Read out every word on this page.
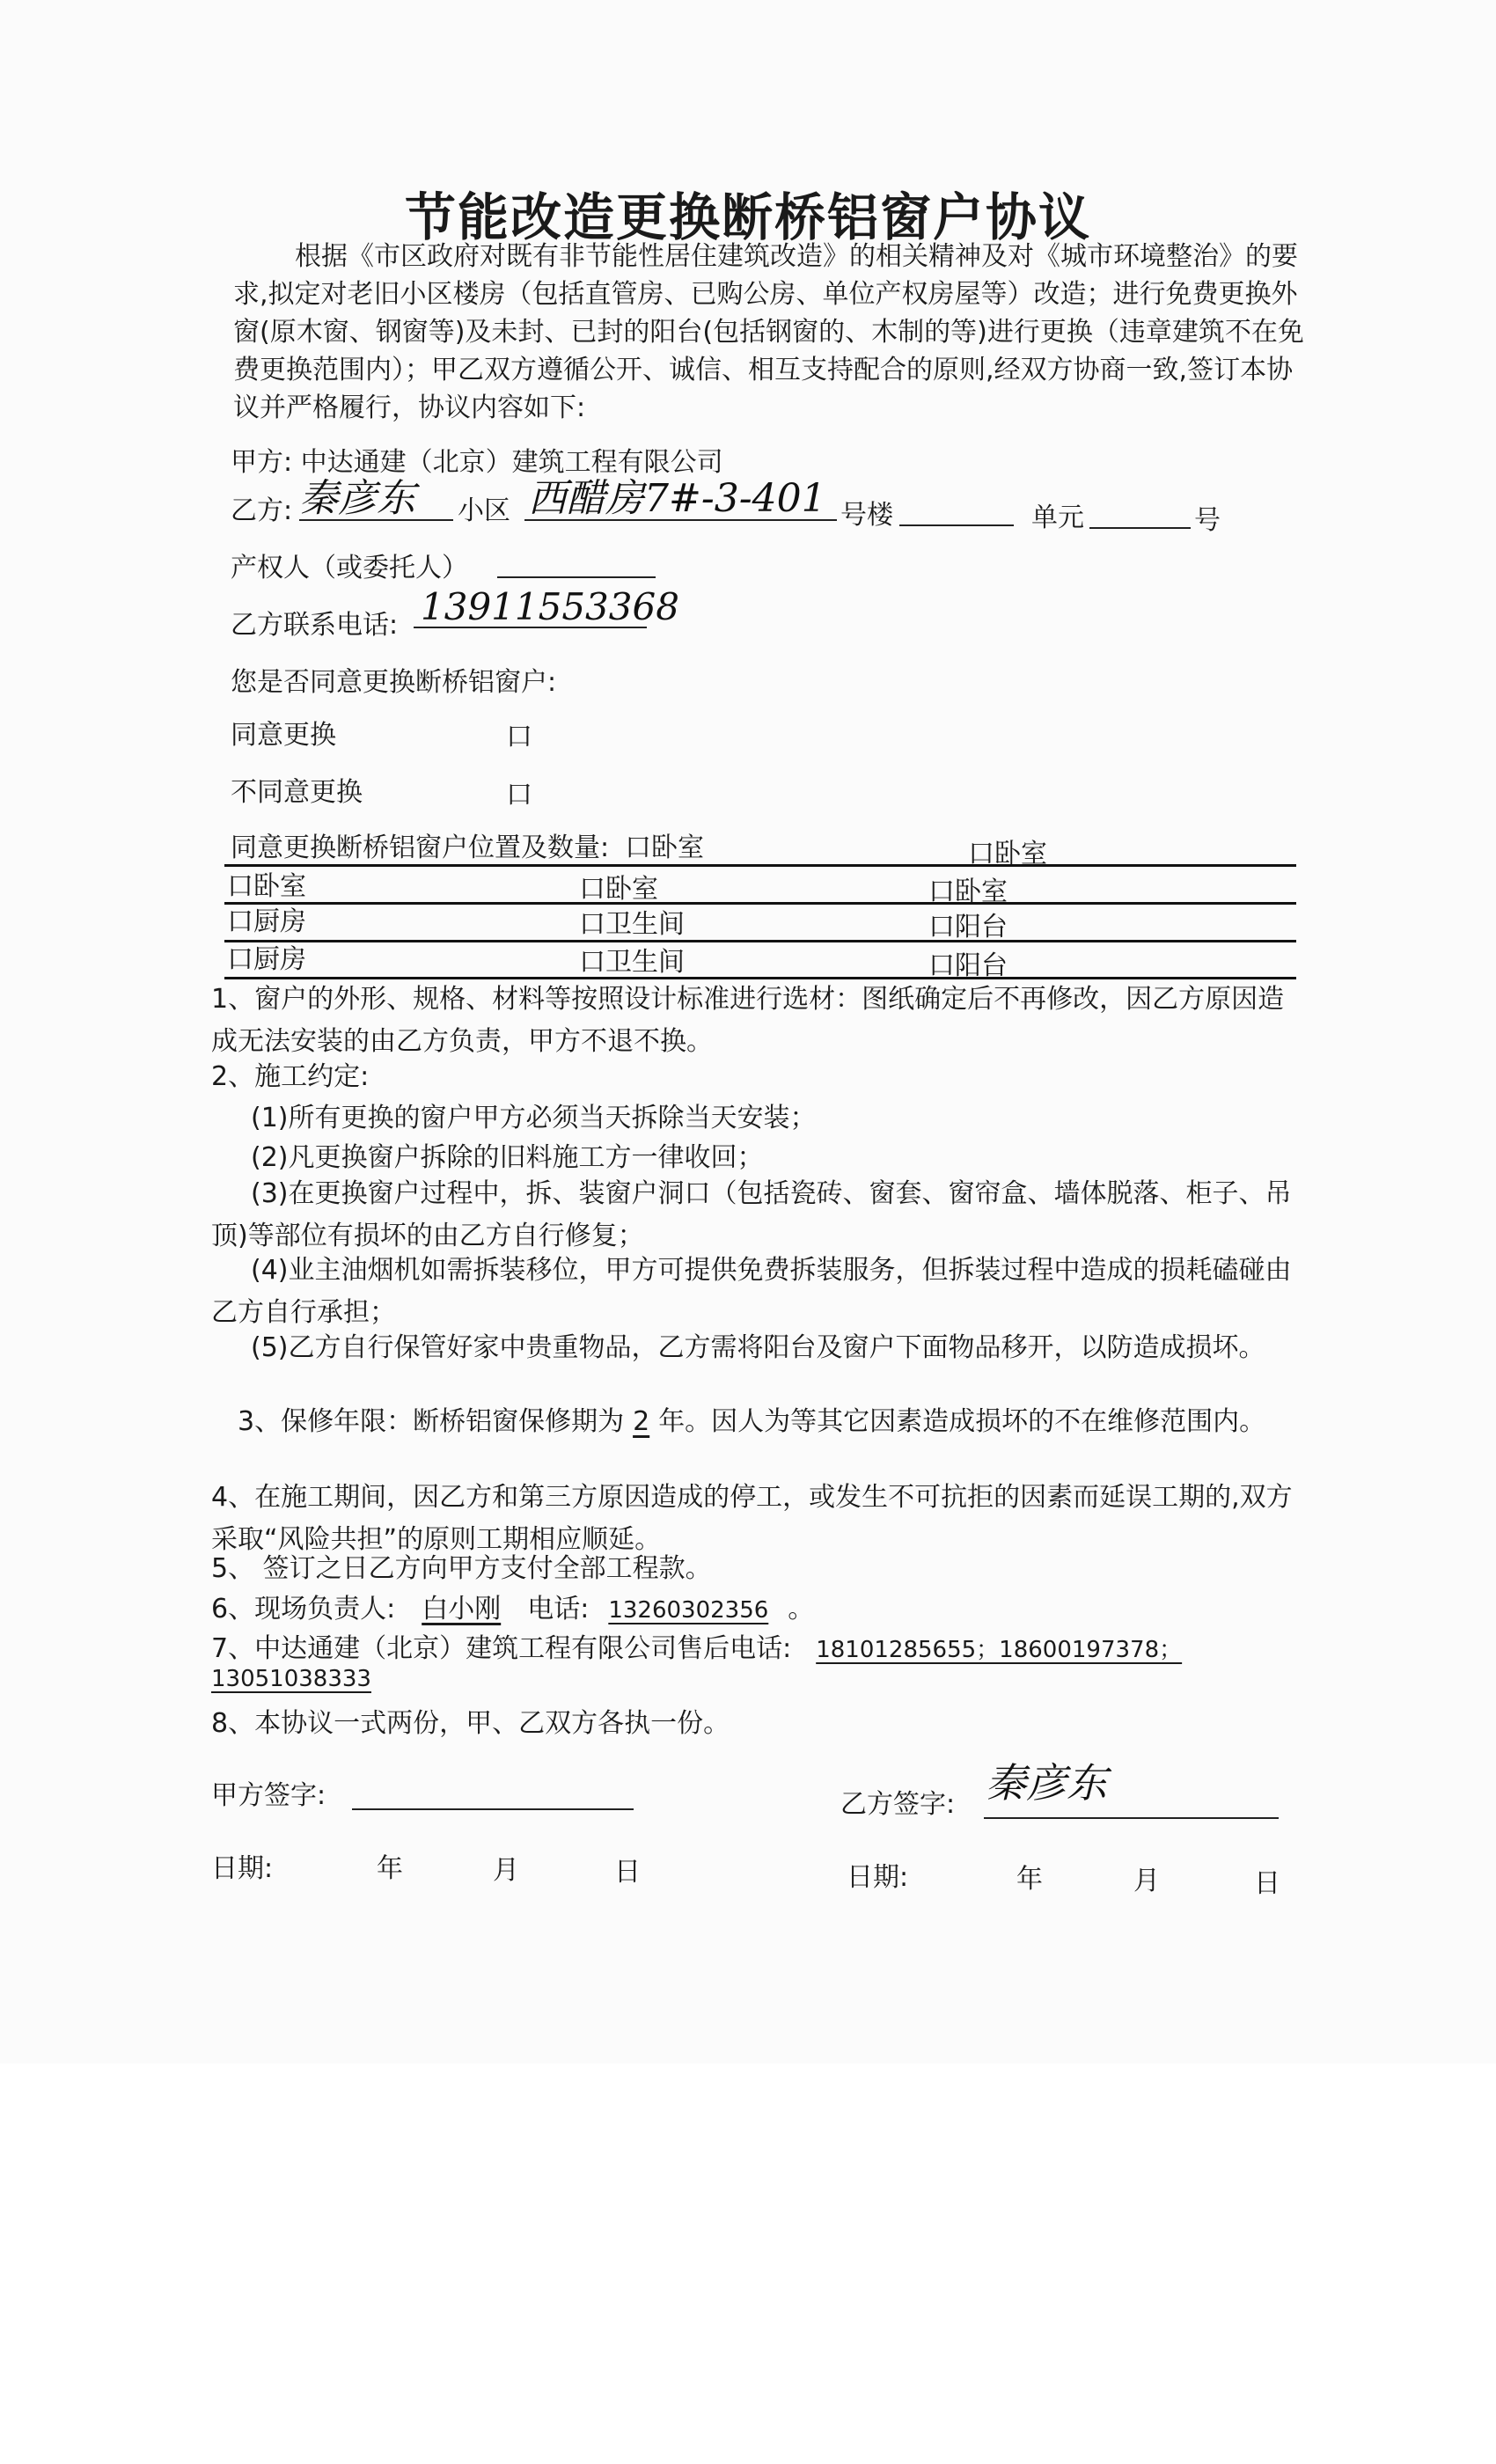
节能改造更换断桥铝窗户协议
根据《市区政府对既有非节能性居住建筑改造》的相关精神及对《城市环境整治》的要求,拟定对老旧小区楼房（包括直管房、已购公房、单位产权房屋等）改造；进行免费更换外窗(原木窗、钢窗等)及未封、已封的阳台(包括钢窗的、木制的等)进行更换（违章建筑不在免费更换范围内）；甲乙双方遵循公开、诚信、相互支持配合的原则,经双方协商一致,签订本协议并严格履行，协议内容如下:
甲方: 中达通建（北京）建筑工程有限公司
乙方: 秦彦东 小区 西醋房7#-3-401 号楼	单元	号
产权人（或委托人）
乙方联系电话: 13911553368
您是否同意更换断桥铝窗户:
同意更换	口
不同意更换	口
同意更换断桥铝窗户位置及数量: 口卧室	口卧室
口卧室	口卧室	口卧室
口厨房	口卫生间	口阳台
口厨房	口卫生间	口阳台
1、窗户的外形、规格、材料等按照设计标准进行选材：图纸确定后不再修改，因乙方原因造成无法安装的由乙方负责，甲方不退不换。
2、施工约定:
(1)所有更换的窗户甲方必须当天拆除当天安装；
(2)凡更换窗户拆除的旧料施工方一律收回；
(3)在更换窗户过程中，拆、装窗户洞口（包括瓷砖、窗套、窗帘盒、墙体脱落、柜子、吊顶)等部位有损坏的由乙方自行修复；
(4)业主油烟机如需拆装移位，甲方可提供免费拆装服务，但拆装过程中造成的损耗磕碰由乙方自行承担；
(5)乙方自行保管好家中贵重物品，乙方需将阳台及窗户下面物品移开，以防造成损坏。
3、保修年限：断桥铝窗保修期为 2 年。因人为等其它因素造成损坏的不在维修范围内。
4、在施工期间，因乙方和第三方原因造成的停工，或发生不可抗拒的因素而延误工期的,双方采取“风险共担”的原则工期相应顺延。
5、 签订之日乙方向甲方支付全部工程款。
6、现场负责人: 白小刚 电话: 13260302356 。
7、中达通建（北京）建筑工程有限公司售后电话: 18101285655；18600197378；
13051038333
8、本协议一式两份，甲、乙双方各执一份。
甲方签字:	乙方签字: 秦彦东
日期:	年	月	日	日期:	年	月	日
